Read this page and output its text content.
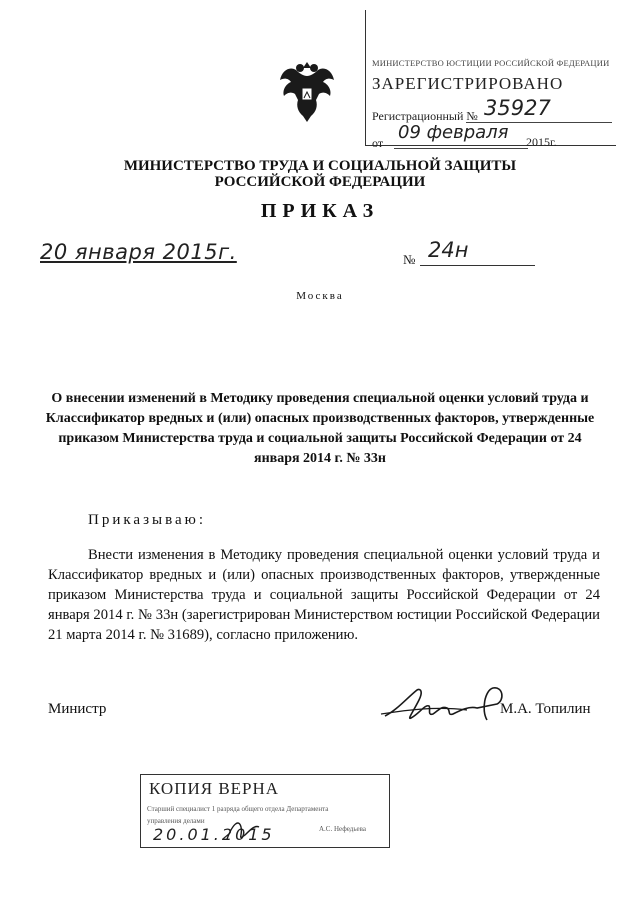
МИНИСТЕРСТВО ЮСТИЦИИ РОССИЙСКОЙ ФЕДЕРАЦИИ
ЗАРЕГИСТРИРОВАНО
Регистрационный № 35927
от 09 февраля 2015г.
МИНИСТЕРСТВО ТРУДА И СОЦИАЛЬНОЙ ЗАЩИТЫ
РОССИЙСКОЙ ФЕДЕРАЦИИ
ПРИКАЗ
20 января 2015г.	№ 24н
Москва
О внесении изменений в Методику проведения специальной оценки условий труда и Классификатор вредных и (или) опасных производственных факторов, утвержденные приказом Министерства труда и социальной защиты Российской Федерации от 24 января 2014 г. № 33н
Приказываю:
Внести изменения в Методику проведения специальной оценки условий труда и Классификатор вредных и (или) опасных производственных факторов, утвержденные приказом Министерства труда и социальной защиты Российской Федерации от 24 января 2014 г. № 33н (зарегистрирован Министерством юстиции Российской Федерации 21 марта 2014 г. № 31689), согласно приложению.
Министр	М.А. Топилин
КОПИЯ ВЕРНА
Старший специалист 1 разряда общего отдела Департамента
управления делами
20.01.2015	А.С. Нефедьева
